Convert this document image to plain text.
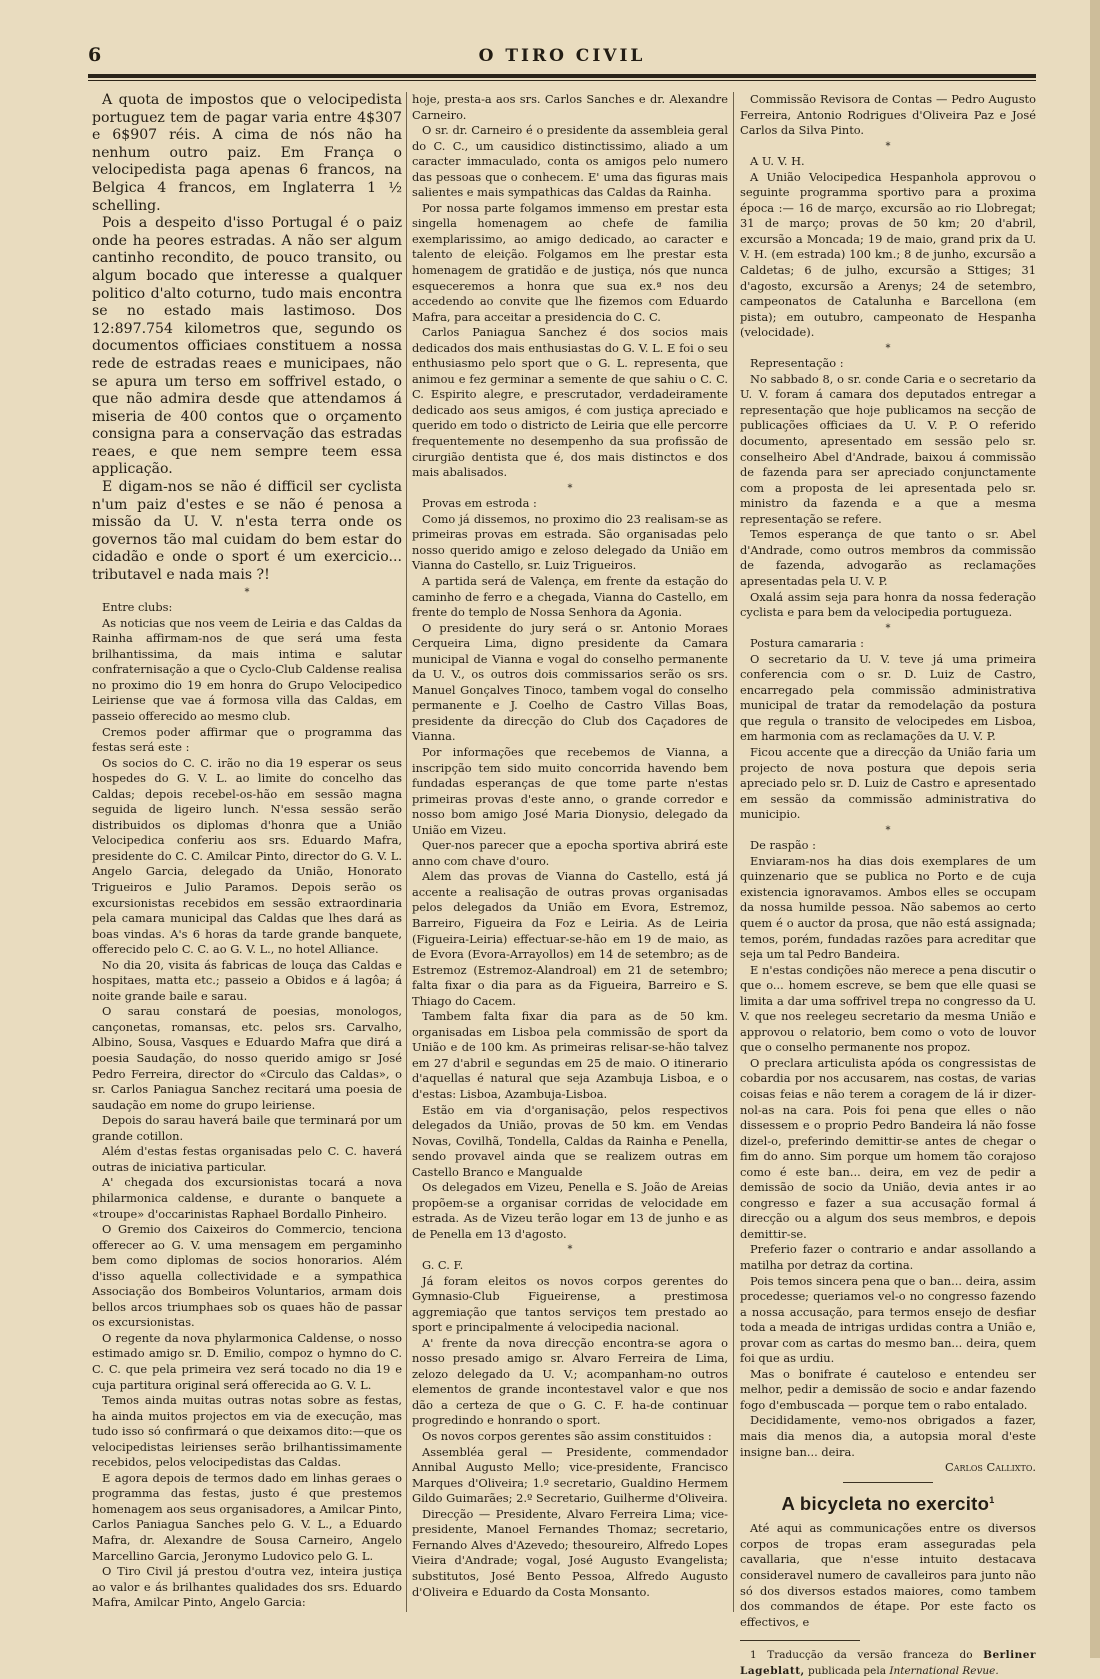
6	O TIRO CIVIL

A quota de impostos que o velocipedista portuguez tem de pagar varia entre 4$307 e 6$907 réis. A cima de nós não ha nenhum outro paiz. Em França o velocipedista paga apenas 6 francos, na Belgica 4 francos, em Inglaterra 1 ½ schelling.

Pois a despeito d'isso Portugal é o paiz onde ha peores estradas. A não ser algum cantinho recondito, de pouco transito, ou algum bocado que interesse a qualquer politico d'alto coturno, tudo mais encontra se no estado mais lastimoso. Dos 12:897.754 kilometros que, segundo os documentos officiaes constituem a nossa rede de estradas reaes e municipaes, não se apura um terso em soffrivel estado, o que não admira desde que attendamos á miseria de 400 contos que o orçamento consigna para a conservação das estradas reaes, e que nem sempre teem essa applicação.

E digam-nos se não é difficil ser cyclista n'um paiz d'estes e se não é penosa a missão da U. V. n'esta terra onde os governos tão mal cuidam do bem estar do cidadão e onde o sport é um exercicio... tributavel e nada mais ?!

*

Entre clubs:

As noticias que nos veem de Leiria e das Caldas da Rainha affirmam-nos de que será uma festa brilhantissima, da mais intima e salutar confraternisação a que o Cyclo-Club Caldense realisa no proximo dio 19 em honra do Grupo Velocipedico Leiriense que vae á formosa villa das Caldas, em passeio offerecido ao mesmo club.

Cremos poder affirmar que o programma das festas será este :

Os socios do C. C. irão no dia 19 esperar os seus hospedes do G. V. L. ao limite do concelho das Caldas; depois recebel-os-hão em sessão magna seguida de ligeiro lunch. N'essa sessão serão distribuidos os diplomas d'honra que a União Velocipedica conferiu aos srs. Eduardo Mafra, presidente do C. C. Amilcar Pinto, director do G. V. L. Angelo Garcia, delegado da União, Honorato Trigueiros e Julio Paramos. Depois serão os excursionistas recebidos em sessão extraordinaria pela camara municipal das Caldas que lhes dará as boas vindas. A's 6 horas da tarde grande banquete, offerecido pelo C. C. ao G. V. L., no hotel Alliance.

No dia 20, visita ás fabricas de louça das Caldas e hospitaes, matta etc.; passeio a Obidos e á lagôa; á noite grande baile e sarau.

O sarau constará de poesias, monologos, cançonetas, romansas, etc. pelos srs. Carvalho, Albino, Sousa, Vasques e Eduardo Mafra que dirá a poesia Saudação, do nosso querido amigo sr José Pedro Ferreira, director do «Circulo das Caldas», o sr. Carlos Paniagua Sanchez recitará uma poesia de saudação em nome do grupo leiriense.

Depois do sarau haverá baile que terminará por um grande cotillon.

Além d'estas festas organisadas pelo C. C. haverá outras de iniciativa particular.

A' chegada dos excursionistas tocará a nova philarmonica caldense, e durante o banquete a «troupe» d'occarinistas Raphael Bordallo Pinheiro.

O Gremio dos Caixeiros do Commercio, tenciona offerecer ao G. V. uma mensagem em pergaminho bem como diplomas de socios honorarios. Além d'isso aquella collectividade e a sympathica Associação dos Bombeiros Voluntarios, armam dois bellos arcos triumphaes sob os quaes hão de passar os excursionistas.

O regente da nova phylarmonica Caldense, o nosso estimado amigo sr. D. Emilio, compoz o hymno do C. C. C. que pela primeira vez será tocado no dia 19 e cuja partitura original será offerecida ao G. V. L.

Temos ainda muitas outras notas sobre as festas, ha ainda muitos projectos em via de execução, mas tudo isso só confirmará o que deixamos dito:—que os velocipedistas leirienses serão brilhantissimamente recebidos, pelos velocipedistas das Caldas.

E agora depois de termos dado em linhas geraes o programma das festas, justo é que prestemos homenagem aos seus organisadores, a Amilcar Pinto, Carlos Paniagua Sanches pelo G. V. L., a Eduardo Mafra, dr. Alexandre de Sousa Carneiro, Angelo Marcellino Garcia, Jeronymo Ludovico pelo G. L.

O Tiro Civil já prestou d'outra vez, inteira justiça ao valor e ás brilhantes qualidades dos srs. Eduardo Mafra, Amilcar Pinto, Angelo Garcia:

hoje, presta-a aos srs. Carlos Sanches e dr. Alexandre Carneiro.

O sr. dr. Carneiro é o presidente da assembleia geral do C. C., um causidico distinctissimo, aliado a um caracter immaculado, conta os amigos pelo numero das pessoas que o conhecem. E' uma das figuras mais salientes e mais sympathicas das Caldas da Rainha.

Por nossa parte folgamos immenso em prestar esta singella homenagem ao chefe de familia exemplarissimo, ao amigo dedicado, ao caracter e talento de eleição. Folgamos em lhe prestar esta homenagem de gratidão e de justiça, nós que nunca esqueceremos a honra que sua ex.ª nos deu accedendo ao convite que lhe fizemos com Eduardo Mafra, para acceitar a presidencia do C. C.

Carlos Paniagua Sanchez é dos socios mais dedicados dos mais enthusiastas do G. V. L. E foi o seu enthusiasmo pelo sport que o G. L. representa, que animou e fez germinar a semente de que sahiu o C. C. C. Espirito alegre, e prescrutador, verdadeiramente dedicado aos seus amigos, é com justiça apreciado e querido em todo o districto de Leiria que elle percorre frequentemente no desempenho da sua profissão de cirurgião dentista que é, dos mais distinctos e dos mais abalisados.

*

Provas em estroda :

Como já dissemos, no proximo dio 23 realisam-se as primeiras provas em estrada. São organisadas pelo nosso querido amigo e zeloso delegado da União em Vianna do Castello, sr. Luiz Trigueiros.

A partida será de Valença, em frente da estação do caminho de ferro e a chegada, Vianna do Castello, em frente do templo de Nossa Senhora da Agonia.

O presidente do jury será o sr. Antonio Moraes Cerqueira Lima, digno presidente da Camara municipal de Vianna e vogal do conselho permanente da U. V., os outros dois commissarios serão os srs. Manuel Gonçalves Tinoco, tambem vogal do conselho permanente e J. Coelho de Castro Villas Boas, presidente da direcção do Club dos Caçadores de Vianna.

Por informações que recebemos de Vianna, a inscripção tem sido muito concorrida havendo bem fundadas esperanças de que tome parte n'estas primeiras provas d'este anno, o grande corredor e nosso bom amigo José Maria Dionysio, delegado da União em Vizeu.

Quer-nos parecer que a epocha sportiva abrirá este anno com chave d'ouro.

Alem das provas de Vianna do Castello, está já accente a realisação de outras provas organisadas pelos delegados da União em Evora, Estremoz, Barreiro, Figueira da Foz e Leiria. As de Leiria (Figueira-Leiria) effectuar-se-hão em 19 de maio, as de Evora (Evora-Arrayollos) em 14 de setembro; as de Estremoz (Estremoz-Alandroal) em 21 de setembro; falta fixar o dia para as da Figueira, Barreiro e S. Thiago do Cacem.

Tambem falta fixar dia para as de 50 km. organisadas em Lisboa pela commissão de sport da União e de 100 km. As primeiras relisar-se-hão talvez em 27 d'abril e segundas em 25 de maio. O itinerario d'aquellas é natural que seja Azambuja Lisboa, e o d'estas: Lisboa, Azambuja-Lisboa.

Estão em via d'organisação, pelos respectivos delegados da União, provas de 50 km. em Vendas Novas, Covilhã, Tondella, Caldas da Rainha e Penella, sendo provavel ainda que se realizem outras em Castello Branco e Mangualde

Os delegados em Vizeu, Penella e S. João de Areias propõem-se a organisar corridas de velocidade em estrada. As de Vizeu terão logar em 13 de junho e as de Penella em 13 d'agosto.

*

G. C. F.

Já foram eleitos os novos corpos gerentes do Gymnasio-Club Figueirense, a prestimosa aggremiação que tantos serviços tem prestado ao sport e principalmente á velocipedia nacional.

A' frente da nova direcção encontra-se agora o nosso presado amigo sr. Alvaro Ferreira de Lima, zelozo delegado da U. V.; acompanham-no outros elementos de grande incontestavel valor e que nos dão a certeza de que o G. C. F. ha-de continuar progredindo e honrando o sport.

Os novos corpos gerentes são assim constituidos :

Assembléa geral — Presidente, commendador Annibal Augusto Mello; vice-presidente, Francisco Marques d'Oliveira; 1.º secretario, Gualdino Hermem Gildo Guimarães; 2.º Secretario, Guilherme d'Oliveira.

Direcção — Presidente, Alvaro Ferreira Lima; vice-presidente, Manoel Fernandes Thomaz; secretario, Fernando Alves d'Azevedo; thesoureiro, Alfredo Lopes Vieira d'Andrade; vogal, José Augusto Evangelista; substitutos, José Bento Pessoa, Alfredo Augusto d'Oliveira e Eduardo da Costa Monsanto.

Commissão Revisora de Contas — Pedro Augusto Ferreira, Antonio Rodrigues d'Oliveira Paz e José Carlos da Silva Pinto.

*

A U. V. H.

A União Velocipedica Hespanhola approvou o seguinte programma sportivo para a proxima época :— 16 de março, excursão ao rio Llobregat; 31 de março; provas de 50 km; 20 d'abril, excursão a Moncada; 19 de maio, grand prix da U. V. H. (em estrada) 100 km.; 8 de junho, excursão a Caldetas; 6 de julho, excursão a Sttiges; 31 d'agosto, excursão a Arenys; 24 de setembro, campeonatos de Catalunha e Barcellona (em pista); em outubro, campeonato de Hespanha (velocidade).

*

Representação :

No sabbado 8, o sr. conde Caria e o secretario da U. V. foram á camara dos deputados entregar a representação que hoje publicamos na secção de publicações officiaes da U. V. P. O referido documento, apresentado em sessão pelo sr. conselheiro Abel d'Andrade, baixou á commissão de fazenda para ser apreciado conjunctamente com a proposta de lei apresentada pelo sr. ministro da fazenda e a que a mesma representação se refere.

Temos esperança de que tanto o sr. Abel d'Andrade, como outros membros da commissão de fazenda, advogarão as reclamações apresentadas pela U. V. P.

Oxalá assim seja para honra da nossa federação cyclista e para bem da velocipedia portugueza.

*

Postura camararia :

O secretario da U. V. teve já uma primeira conferencia com o sr. D. Luiz de Castro, encarregado pela commissão administrativa municipal de tratar da remodelação da postura que regula o transito de velocipedes em Lisboa, em harmonia com as reclamações da U. V. P.

Ficou accente que a direcção da União faria um projecto de nova postura que depois seria apreciado pelo sr. D. Luiz de Castro e apresentado em sessão da commissão administrativa do municipio.

*

De raspão :

Enviaram-nos ha dias dois exemplares de um quinzenario que se publica no Porto e de cuja existencia ignoravamos. Ambos elles se occupam da nossa humilde pessoa. Não sabemos ao certo quem é o auctor da prosa, que não está assignada; temos, porém, fundadas razões para acreditar que seja um tal Pedro Bandeira.

E n'estas condições não merece a pena discutir o que o... homem escreve, se bem que elle quasi se limita a dar uma soffrivel trepa no congresso da U. V. que nos reelegeu secretario da mesma União e approvou o relatorio, bem como o voto de louvor que o conselho permanente nos propoz.

O preclara articulista apóda os congressistas de cobardia por nos accusarem, nas costas, de varias coisas feias e não terem a coragem de lá ir dizer-nol-as na cara. Pois foi pena que elles o não dissessem e o proprio Pedro Bandeira lá não fosse dizel-o, preferindo demittir-se antes de chegar o fim do anno. Sim porque um homem tão corajoso como é este ban... deira, em vez de pedir a demissão de socio da União, devia antes ir ao congresso e fazer a sua accusação formal á direcção ou a algum dos seus membros, e depois demittir-se.

Preferio fazer o contrario e andar assollando a matilha por detraz da cortina.

Pois temos sincera pena que o ban... deira, assim procedesse; queriamos vel-o no congresso fazendo a nossa accusação, para termos ensejo de desfiar toda a meada de intrigas urdidas contra a União e, provar com as cartas do mesmo ban... deira, quem foi que as urdiu.

Mas o bonifrate é cauteloso e entendeu ser melhor, pedir a demissão de socio e andar fazendo fogo d'embuscada — porque tem o rabo entalado.

Decididamente, vemo-nos obrigados a fazer, mais dia menos dia, a autopsia moral d'este insigne ban... deira.

Carlos Callixto.

A bicycleta no exercito$^1$

Até aqui as communicações entre os diversos corpos de tropas eram asseguradas pela cavallaria, que n'esse intuito destacava consideravel numero de cavalleiros para junto não só dos diversos estados maiores, como tambem dos commandos de étape. Por este facto os effectivos, e

1 Traducção da versão franceza do Berliner Lageblatt, publicada pela International Revue.
